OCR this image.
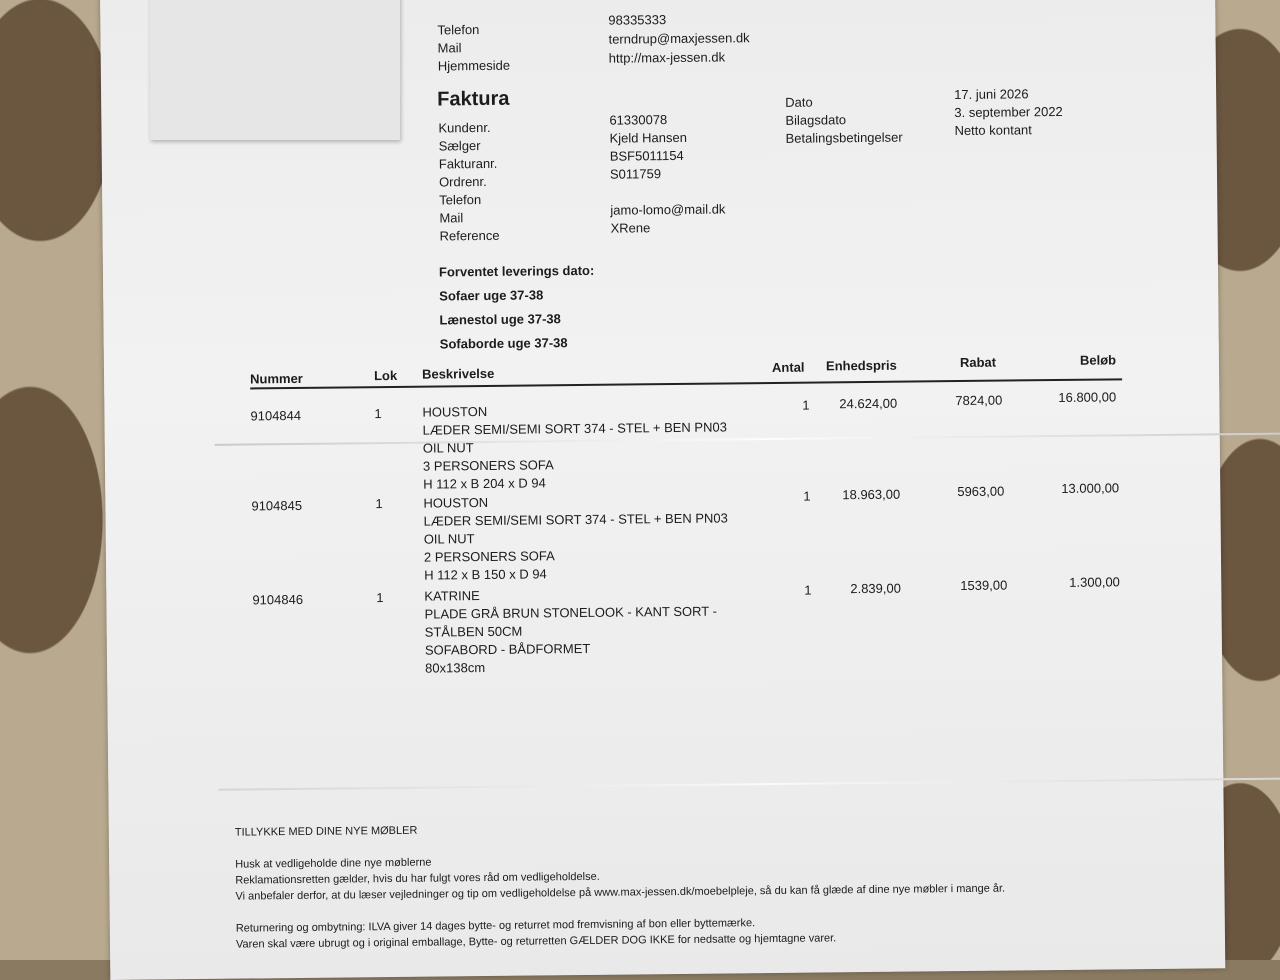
Telefon
98335333
Mail
terndrup@maxjessen.dk
Hjemmeside	http://max-jessen.dk
Faktura
Kundenr.
61330078
Sælger
Kjeld Hansen
Fakturanr.	BSF5011154
Ordrenr.
S011759
Telefon
Mail
jamo-lomo@mail.dk
Reference	XRene
Dato
17. juni 2026
Bilagsdato	3. september 2022
Betalingsbetingelser	Netto kontant
Forventet leverings dato:
Sofaer uge 37-38
Lænestol uge 37-38
Sofaborde uge 37-38
Nummer	Lok Beskrivelse	Antal Enhedspris	Rabat	Beløb
9104844	1	HOUSTON
LÆDER SEMI/SEMI SORT 374 - STEL + BEN PN03
OIL NUT
3 PERSONERS SOFA
H 112 x B 204 x D 94
1 24.624,00	7824,00	16.800,00
9104845	1	HOUSTON
LÆDER SEMI/SEMI SORT 374 - STEL + BEN PN03
OIL NUT
2 PERSONERS SOFA
H 112 x B 150 x D 94
1 18.963,00	5963,00	13.000,00
9104846	1	KATRINE
PLADE GRÅ BRUN STONELOOK - KANT SORT -
STÅLBEN 50CM
SOFABORD - BÅDFORMET
80x138cm
1	2.839,00	1539,00	1.300,00
TILLYKKE MED DINE NYE MØBLER
Husk at vedligeholde dine nye møblerne
Reklamationsretten gælder, hvis du har fulgt vores råd om vedligeholdelse.
Vi anbefaler derfor, at du læser vejledninger og tip om vedligeholdelse på www.max-jessen.dk/moebelpleje, så du kan få glæde af dine nye møbler i mange år.
Returnering og ombytning: ILVA giver 14 dages bytte- og returret mod fremvisning af bon eller byttemærke.
Varen skal være ubrugt og i original emballage, Bytte- og returretten GÆLDER DOG IKKE for nedsatte og hjemtagne varer.
